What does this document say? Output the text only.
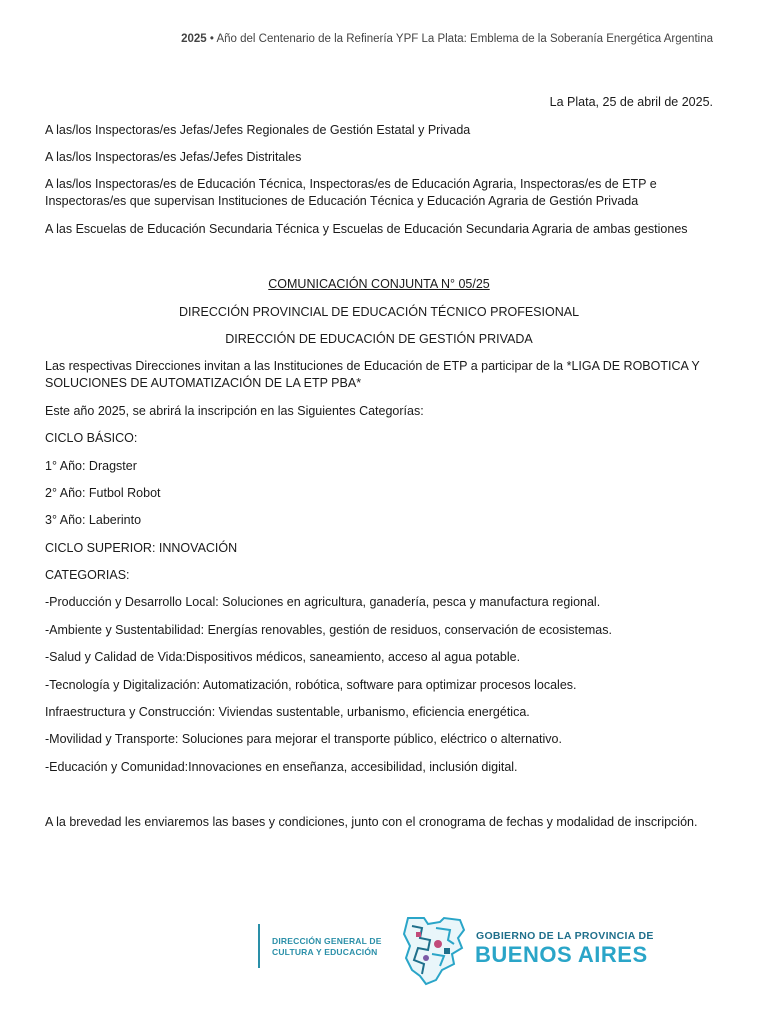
2025 • Año del Centenario de la Refinería YPF La Plata: Emblema de la Soberanía Energética Argentina
La Plata, 25 de abril de 2025.
A las/los Inspectoras/es Jefas/Jefes Regionales de Gestión Estatal y Privada
A las/los Inspectoras/es Jefas/Jefes Distritales
A las/los Inspectoras/es de Educación Técnica, Inspectoras/es de Educación Agraria, Inspectoras/es de ETP e Inspectoras/es que supervisan Instituciones de Educación Técnica y Educación Agraria de Gestión Privada
A las Escuelas de Educación Secundaria Técnica y Escuelas de Educación Secundaria Agraria de ambas gestiones
COMUNICACIÓN CONJUNTA N° 05/25
DIRECCIÓN PROVINCIAL DE EDUCACIÓN TÉCNICO PROFESIONAL
DIRECCIÓN DE EDUCACIÓN DE GESTIÓN PRIVADA
Las respectivas Direcciones invitan a las Instituciones de Educación de ETP a participar de la *LIGA DE ROBOTICA Y SOLUCIONES DE AUTOMATIZACIÓN DE LA ETP PBA*
Este año 2025, se abrirá la inscripción en las Siguientes Categorías:
CICLO BÁSICO:
1° Año: Dragster
2° Año: Futbol Robot
3° Año: Laberinto
CICLO SUPERIOR: INNOVACIÓN
CATEGORIAS:
-Producción y Desarrollo Local: Soluciones en agricultura, ganadería, pesca y manufactura regional.
-Ambiente y Sustentabilidad: Energías renovables, gestión de residuos, conservación de ecosistemas.
-Salud y Calidad de Vida:Dispositivos médicos, saneamiento, acceso al agua potable.
-Tecnología y Digitalización: Automatización, robótica, software para optimizar procesos locales.
Infraestructura y Construcción: Viviendas sustentable, urbanismo, eficiencia energética.
-Movilidad y Transporte: Soluciones para mejorar el transporte público, eléctrico o alternativo.
-Educación y Comunidad:Innovaciones en enseñanza, accesibilidad, inclusión digital.
A la brevedad les enviaremos las bases y condiciones, junto con el cronograma de fechas y modalidad de inscripción.
DIRECCIÓN GENERAL DE
CULTURA Y EDUCACIÓN
GOBIERNO DE LA PROVINCIA DE
BUENOS AIRES
